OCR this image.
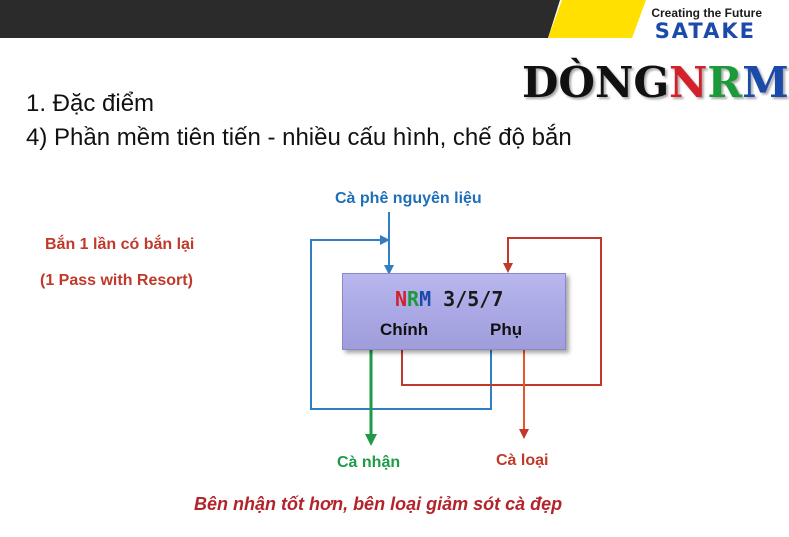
Creating the Future
SATAKE
DÒNG NRM
1. Đặc điểm
4) Phần mềm tiên tiến - nhiều cấu hình, chế độ bắn
NRM 3/5/7
Chính	Phụ
Cà phê nguyên liệu
Bắn 1 lần có bắn lại
(1 Pass with Resort)
Cà nhận	Cà loại
Bên nhận tốt hơn, bên loại giảm sót cà đẹp
